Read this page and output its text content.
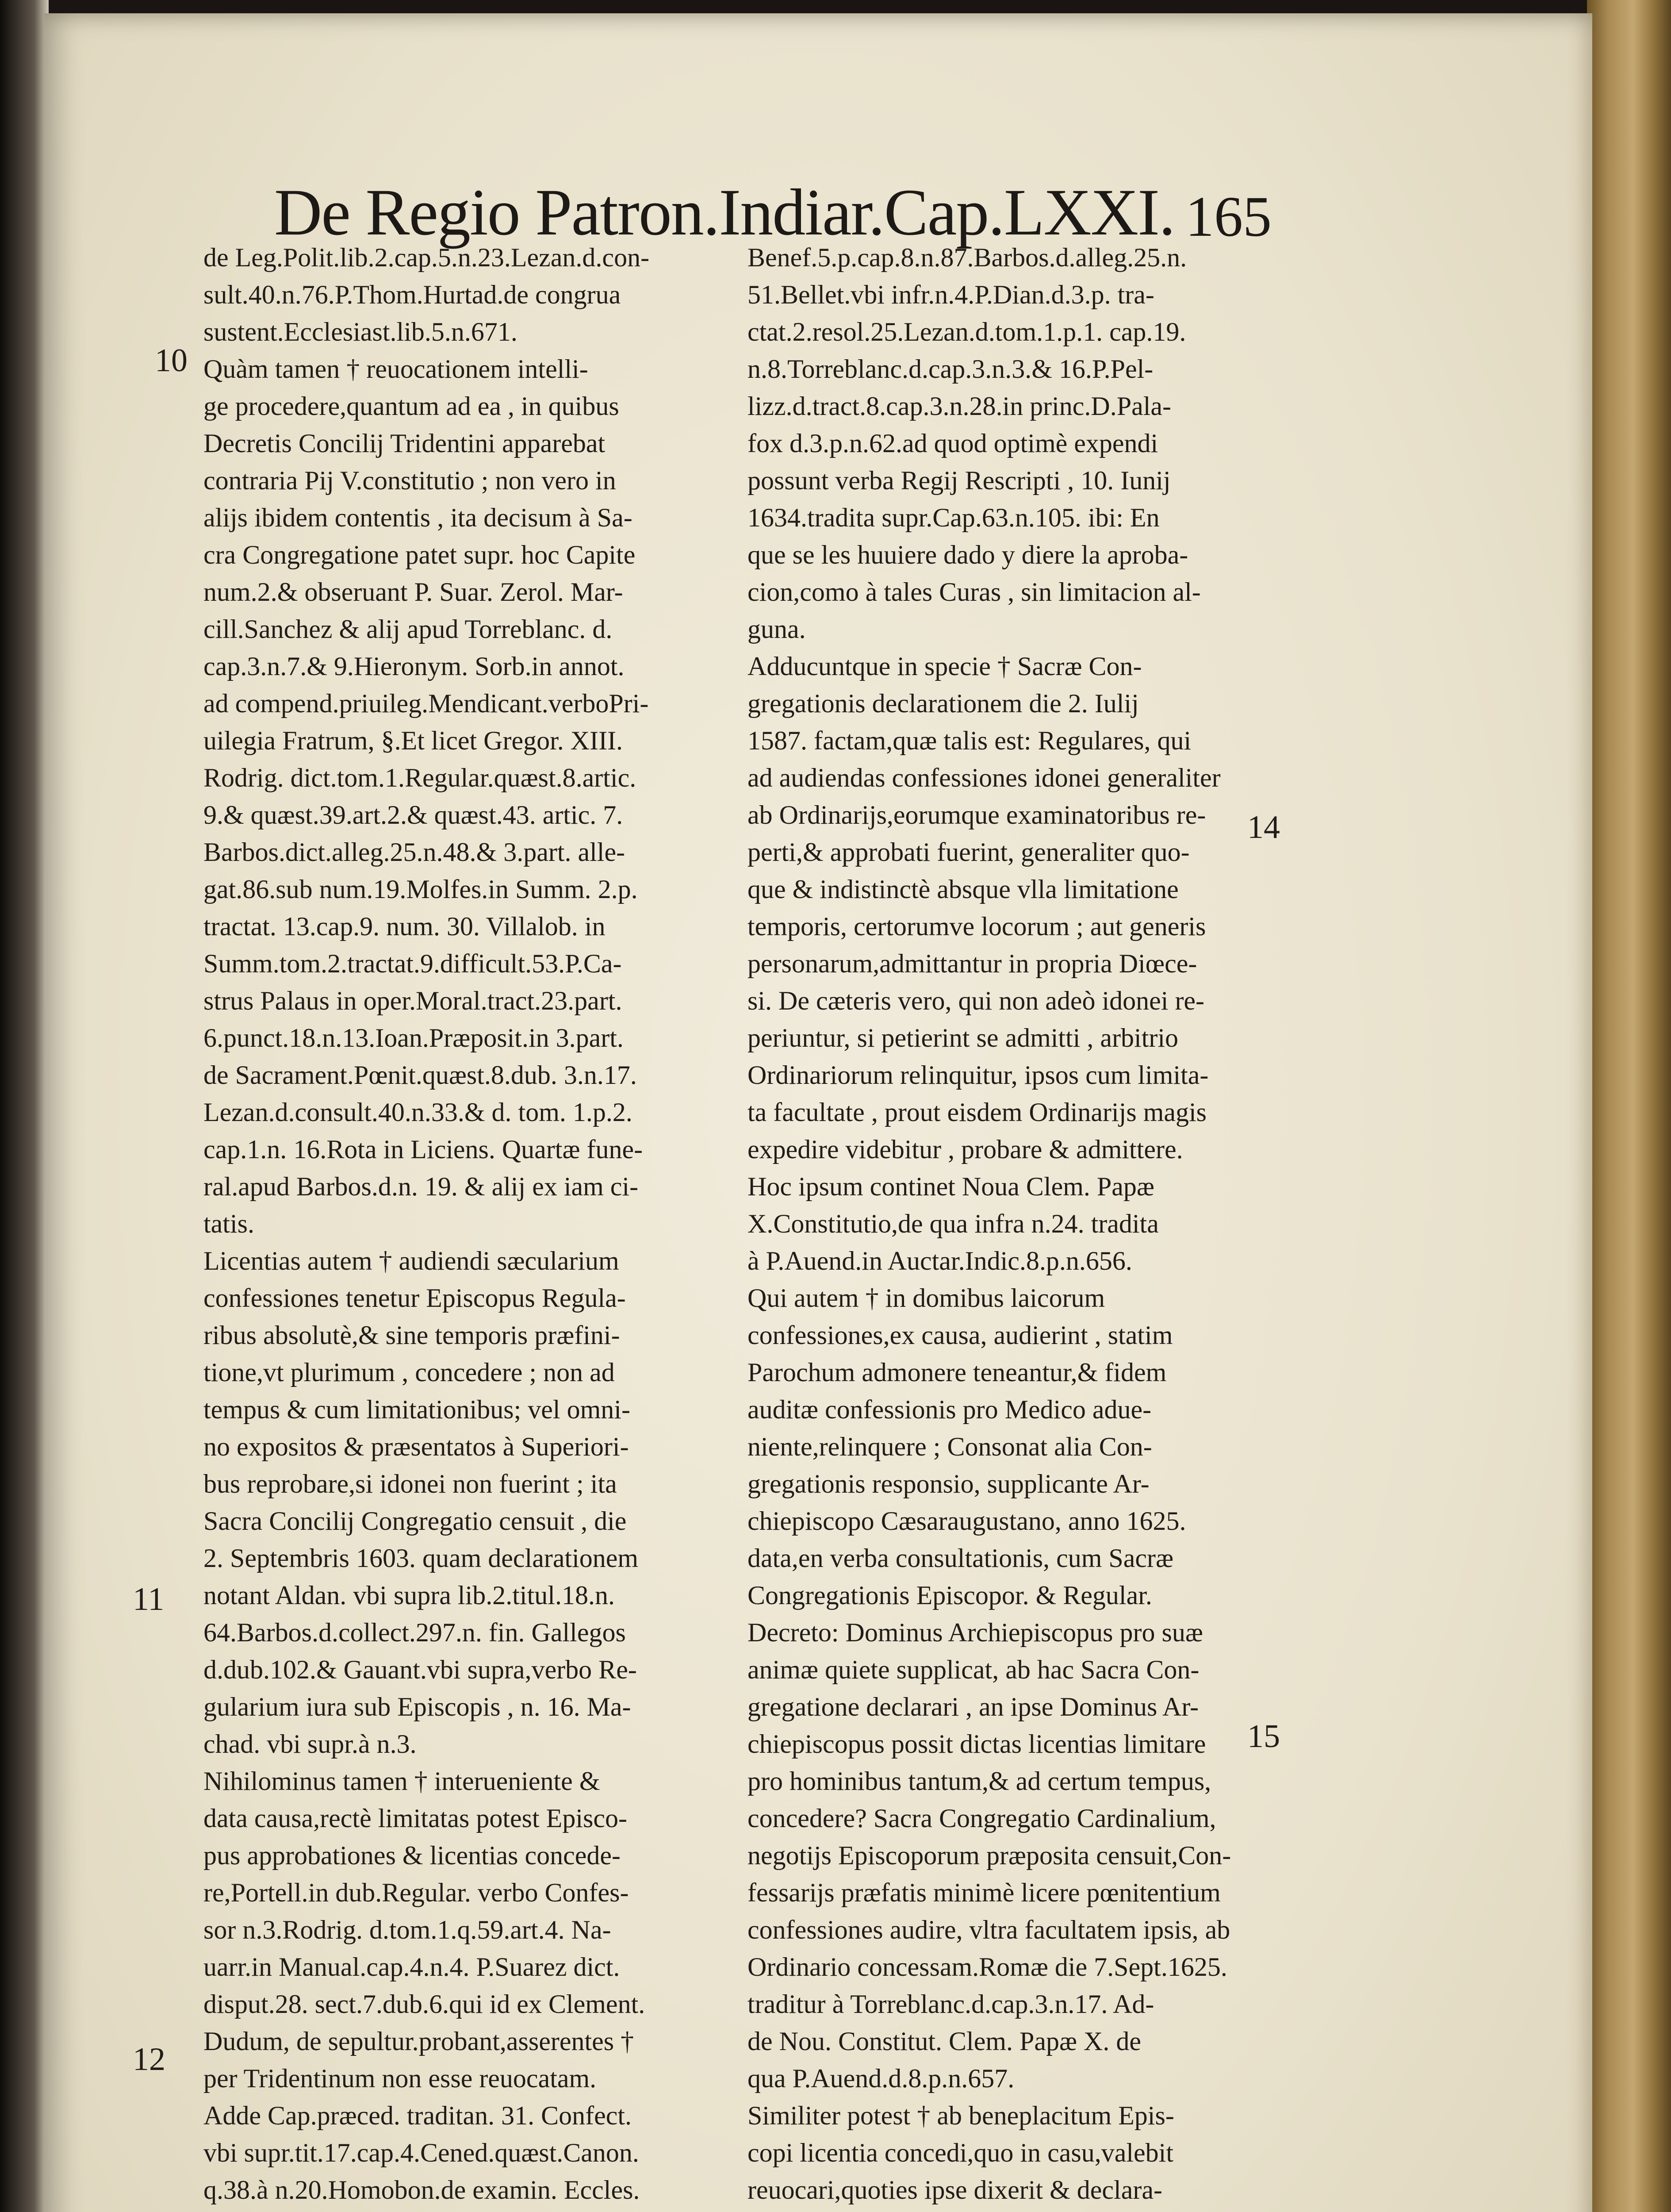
De Regio Patron.Indiar.Cap.LXXI. 165

de Leg.Polit.lib.2.cap.5.n.23.Lezan.d.con-

sult.40.n.76.P.Thom.Hurtad.de congrua

sustent.Ecclesiast.lib.5.n.671.

Quàm tamen † reuocationem intelli-

ge procedere,quantum ad ea , in quibus

Decretis Concilij Tridentini apparebat

contraria Pij V.constitutio ; non vero in

alijs ibidem contentis , ita decisum à Sa-

cra Congregatione patet supr. hoc Capite

num.2.& obseruant P. Suar. Zerol. Mar-

cill.Sanchez & alij apud Torreblanc. d.

cap.3.n.7.& 9.Hieronym. Sorb.in annot.

ad compend.priuileg.Mendicant.verboPri-

uilegia Fratrum, §.Et licet Gregor. XIII.

Rodrig. dict.tom.1.Regular.quæst.8.artic.

9.& quæst.39.art.2.& quæst.43. artic. 7.

Barbos.dict.alleg.25.n.48.& 3.part. alle-

gat.86.sub num.19.Molfes.in Summ. 2.p.

tractat. 13.cap.9. num. 30. Villalob. in

Summ.tom.2.tractat.9.difficult.53.P.Ca-

strus Palaus in oper.Moral.tract.23.part.

6.punct.18.n.13.Ioan.Præposit.in 3.part.

de Sacrament.Pœnit.quæst.8.dub. 3.n.17.

Lezan.d.consult.40.n.33.& d. tom. 1.p.2.

cap.1.n. 16.Rota in Liciens. Quartæ fune-

ral.apud Barbos.d.n. 19. & alij ex iam ci-

tatis.

Licentias autem † audiendi sæcularium

confessiones tenetur Episcopus Regula-

ribus absolutè,& sine temporis præfini-

tione,vt plurimum , concedere ; non ad

tempus & cum limitationibus; vel omni-

no expositos & præsentatos à Superiori-

bus reprobare,si idonei non fuerint ; ita

Sacra Concilij Congregatio censuit , die

2. Septembris 1603. quam declarationem

notant Aldan. vbi supra lib.2.titul.18.n.

64.Barbos.d.collect.297.n. fin. Gallegos

d.dub.102.& Gauant.vbi supra,verbo Re-

gularium iura sub Episcopis , n. 16. Ma-

chad. vbi supr.à n.3.

Nihilominus tamen † interueniente &

data causa,rectè limitatas potest Episco-

pus approbationes & licentias concede-

re,Portell.in dub.Regular. verbo Confes-

sor n.3.Rodrig. d.tom.1.q.59.art.4. Na-

uarr.in Manual.cap.4.n.4. P.Suarez dict.

disput.28. sect.7.dub.6.qui id ex Clement.

Dudum, de sepultur.probant,asserentes †

per Tridentinum non esse reuocatam.

Adde Cap.præced. traditan. 31. Confect.

vbi supr.tit.17.cap.4.Cened.quæst.Canon.

q.38.à n.20.Homobon.de examin. Eccles.

Benef.5.p.cap.8.n.87.Barbos.d.alleg.25.n.

51.Bellet.vbi infr.n.4.P.Dian.d.3.p. tra-

ctat.2.resol.25.Lezan.d.tom.1.p.1. cap.19.

n.8.Torreblanc.d.cap.3.n.3.& 16.P.Pel-

lizz.d.tract.8.cap.3.n.28.in princ.D.Pala-

fox d.3.p.n.62.ad quod optimè expendi

possunt verba Regij Rescripti , 10. Iunij

1634.tradita supr.Cap.63.n.105. ibi: En

que se les huuiere dado y diere la aproba-

cion,como à tales Curas , sin limitacion al-

guna.

Adducuntque in specie † Sacræ Con-

gregationis declarationem die 2. Iulij

1587. factam,quæ talis est: Regulares, qui

ad audiendas confessiones idonei generaliter

ab Ordinarijs,eorumque examinatoribus re-

perti,& approbati fuerint, generaliter quo-

que & indistinctè absque vlla limitatione

temporis, certorumve locorum ; aut generis

personarum,admittantur in propria Diœce-

si. De cæteris vero, qui non adeò idonei re-

periuntur, si petierint se admitti , arbitrio

Ordinariorum relinquitur, ipsos cum limita-

ta facultate , prout eisdem Ordinarijs magis

expedire videbitur , probare & admittere.

Hoc ipsum continet Noua Clem. Papæ

X.Constitutio,de qua infra n.24. tradita

à P.Auend.in Auctar.Indic.8.p.n.656.

Qui autem † in domibus laicorum

confessiones,ex causa, audierint , statim

Parochum admonere teneantur,& fidem

auditæ confessionis pro Medico adue-

niente,relinquere ; Consonat alia Con-

gregationis responsio, supplicante Ar-

chiepiscopo Cæsaraugustano, anno 1625.

data,en verba consultationis, cum Sacræ

Congregationis Episcopor. & Regular.

Decreto: Dominus Archiepiscopus pro suæ

animæ quiete supplicat, ab hac Sacra Con-

gregatione declarari , an ipse Dominus Ar-

chiepiscopus possit dictas licentias limitare

pro hominibus tantum,& ad certum tempus,

concedere? Sacra Congregatio Cardinalium,

negotijs Episcoporum præposita censuit,Con-

fessarijs præfatis minimè licere pœnitentium

confessiones audire, vltra facultatem ipsis, ab

Ordinario concessam.Romæ die 7.Sept.1625.

traditur à Torreblanc.d.cap.3.n.17. Ad-

de Nou. Constitut. Clem. Papæ X. de

qua P.Auend.d.8.p.n.657.

Similiter potest † ab beneplacitum Epis-

copi licentia concedi,quo in casu,valebit

reuocari,quoties ipse dixerit & declara-

10
11
12
14
15
